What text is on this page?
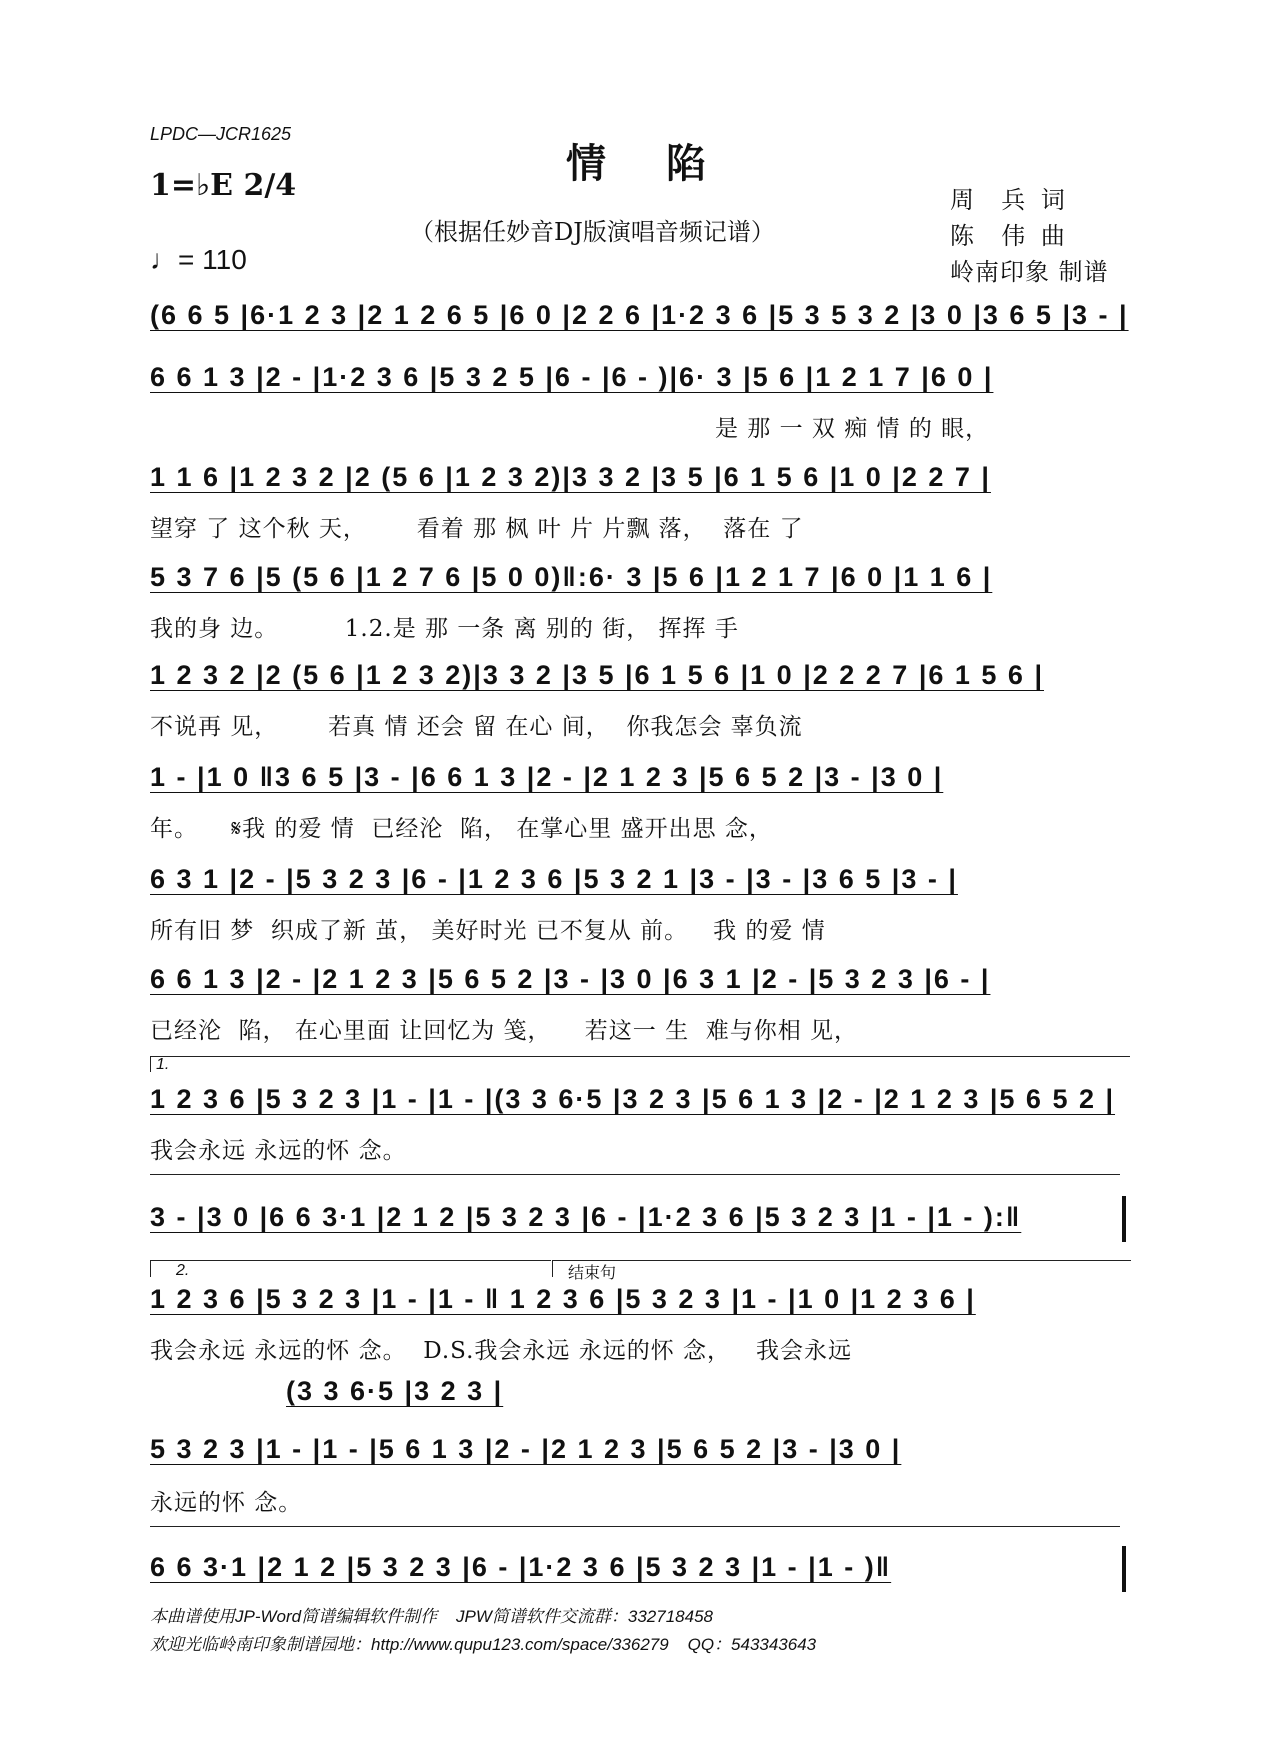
LPDC—JCR1625
情陷
（根据任妙音DJ版演唱音频记谱）
1=♭E 2/4
♩= 110
周  兵 词
陈  伟 曲
岭南印象 制谱
(6 6 5 |6·1 2 3 |2 1 2 6 5 |6 0 |2 2 6 |1·2 3 6 |5 3 5 3 2 |3 0 |3 6 5 |3 - |
6 6 1 3 |2 - |1·2 3 6 |5 3 2 5 |6 - |6 - )|6· 3 |5 6 |1 2 1 7 |6 0 |
是 那 一 双 痴 情 的 眼，
1 1 6 |1 2 3 2 |2 (5 6 |1 2 3 2)|3 3 2 |3 5 |6 1 5 6 |1 0 |2 2 7 |
望穿 了 这个秋 天，      看着 那 枫 叶 片 片飘 落，  落在 了
5 3 7 6 |5 (5 6 |1 2 7 6 |5 0 0)‖:6· 3 |5 6 |1 2 1 7 |6 0 |1 1 6 |
我的身 边。        1.2.是 那 一条 离 别的 街， 挥挥 手
1 2 3 2 |2 (5 6 |1 2 3 2)|3 3 2 |3 5 |6 1 5 6 |1 0 |2 2 2 7 |6 1 5 6 |
不说再 见，      若真 情 还会 留 在心 间，  你我怎会 辜负流
1 - |1 0 ‖3 6 5 |3 - |6 6 1 3 |2 - |2 1 2 3 |5 6 5 2 |3 - |3 0 |
年。    𝄋我 的爱 情  已经沦  陷， 在掌心里 盛开出思 念，
6 3 1 |2 - |5 3 2 3 |6 - |1 2 3 6 |5 3 2 1 |3 - |3 - |3 6 5 |3 - |
所有旧 梦  织成了新 茧， 美好时光 已不复从 前。   我 的爱 情
6 6 1 3 |2 - |2 1 2 3 |5 6 5 2 |3 - |3 0 |6 3 1 |2 - |5 3 2 3 |6 - |
已经沦  陷， 在心里面 让回忆为 笺，    若这一 生  难与你相 见，
1.
1 2 3 6 |5 3 2 3 |1 - |1 - |(3 3 6·5 |3 2 3 |5 6 1 3 |2 - |2 1 2 3 |5 6 5 2 |
我会永远 永远的怀 念。
3 - |3 0 |6 6 3·1 |2 1 2 |5 3 2 3 |6 - |1·2 3 6 |5 3 2 3 |1 - |1 - ):‖
2.	结束句
1 2 3 6 |5 3 2 3 |1 - |1 - ‖ 1 2 3 6 |5 3 2 3 |1 - |1 0 |1 2 3 6 |
我会永远 永远的怀 念。  D.S.我会永远 永远的怀 念，   我会永远
(3 3 6·5 |3 2 3 |
5 3 2 3 |1 - |1 - |5 6 1 3 |2 - |2 1 2 3 |5 6 5 2 |3 - |3 0 |
永远的怀 念。
6 6 3·1 |2 1 2 |5 3 2 3 |6 - |1·2 3 6 |5 3 2 3 |1 - |1 - )‖
本曲谱使用JP-Word简谱编辑软件制作    JPW简谱软件交流群：332718458
欢迎光临岭南印象制谱园地：http://www.qupu123.com/space/336279    QQ：543343643
